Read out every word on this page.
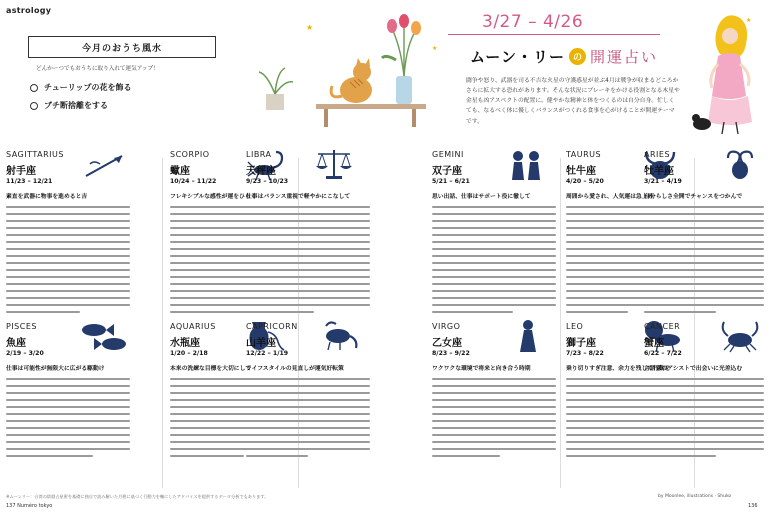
astrology
3/27 – 4/26
今月のおうち風水
どんかーつでもおうちに取り入れて運気アップ！
チューリップの花を飾る
ブチ断捨離をする
★
★ ムーン・リー の 開運占い
闘争や怒り、武器を司る不吉な火星の守護惑星が並ぶ4月は戦争が収まるどころかさらに拡大する恐れがあります。そんな状況にブレーキをかける役割となる木星や金星も凶アスペクトの配置に。健やかな精神と体をつくるのは自分自身。忙しくても、なるべく体に優しくバランスがつくれる食事を心がけることが開運テーマです。
★
SAGITTARIUS
射手座
11/23 – 12/21
素直を武器に物事を進めると吉
SCORPIO
蠍座
10/24 – 11/22
フレキシブルな感性が運をひらく
LIBRA
天秤座
9/23 – 10/23
仕事はバランス重視で軽やかにこなして
GEMINI
双子座
5/21 – 6/21
思い出話、仕事はサポート役に徹して
TAURUS
牡牛座
4/20 – 5/20
周囲から愛され、人気運は急上昇
ARIES
牡羊座
3/21 – 4/19
自分らしさ全開でチャンスをつかんで
PISCES
魚座
2/19 – 3/20
仕事は可能性が無限大に広がる駆動け
AQUARIUS
水瓶座
1/20 – 2/18
本来の洗練な目標を大切にして
CAPRICORN
山羊座
12/22 – 1/19
ライフスタイルの見直しが運気好転策
VIRGO
乙女座
8/23 – 9/22
ワクワクな環境で将来と向き合う時期
LEO
獅子座
7/23 – 8/22
乗り切りすぎ注意、余力を残して行動を
CANCER
蟹座
6/22 – 7/22
言語家のアシストで出会いに光差込む
※ムーンリー：台湾の陰暦占星術を基礎に独自で読み解いた月相に基づく行動力を軸にしたアドバイスを提供するデータ分析でもあります。	by Moonlee, illustrations · Shuko
137 Numéro tokyo	136
